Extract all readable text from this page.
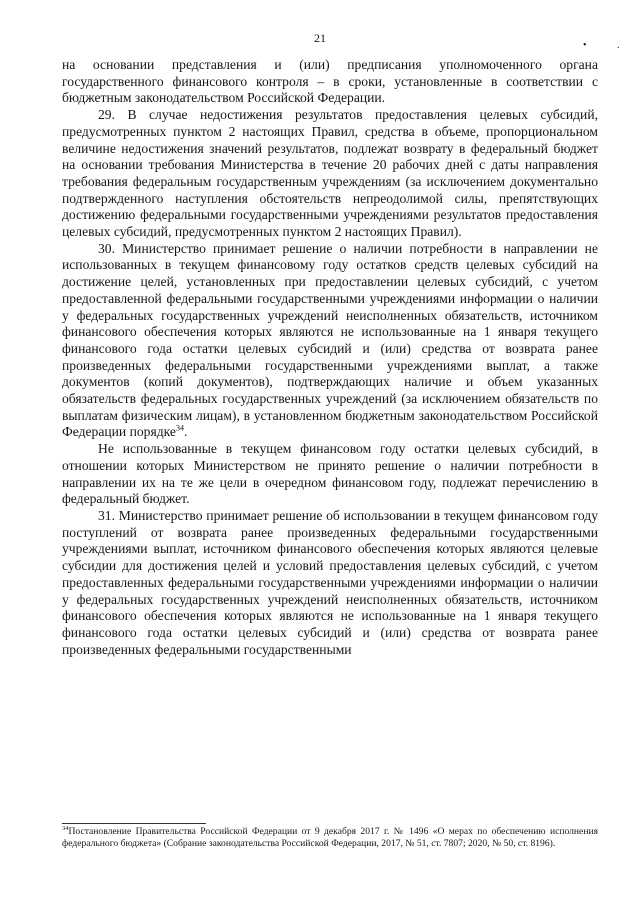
21
• .

на основании представления и (или) предписания уполномоченного органа государственного финансового контроля – в сроки, установленные в соответствии с бюджетным законодательством Российской Федерации.

29. В случае недостижения результатов предоставления целевых субсидий, предусмотренных пунктом 2 настоящих Правил, средства в объеме, пропорциональном величине недостижения значений результатов, подлежат возврату в федеральный бюджет на основании требования Министерства в течение 20 рабочих дней с даты направления требования федеральным государственным учреждениям (за исключением документально подтвержденного наступления обстоятельств непреодолимой силы, препятствующих достижению федеральными государственными учреждениями результатов предоставления целевых субсидий, предусмотренных пунктом 2 настоящих Правил).

30. Министерство принимает решение о наличии потребности в направлении не использованных в текущем финансовому году остатков средств целевых субсидий на достижение целей, установленных при предоставлении целевых субсидий, с учетом предоставленной федеральными государственными учреждениями информации о наличии у федеральных государственных учреждений неисполненных обязательств, источником финансового обеспечения которых являются не использованные на 1 января текущего финансового года остатки целевых субсидий и (или) средства от возврата ранее произведенных федеральными государственными учреждениями выплат, а также документов (копий документов), подтверждающих наличие и объем указанных обязательств федеральных государственных учреждений (за исключением обязательств по выплатам физическим лицам), в установленном бюджетным законодательством Российской Федерации порядке$^{34}$.

Не использованные в текущем финансовом году остатки целевых субсидий, в отношении которых Министерством не принято решение о наличии потребности в направлении их на те же цели в очередном финансовом году, подлежат перечислению в федеральный бюджет.

31. Министерство принимает решение об использовании в текущем финансовом году поступлений от возврата ранее произведенных федеральными государственными учреждениями выплат, источником финансового обеспечения которых являются целевые субсидии для достижения целей и условий предоставления целевых субсидий, с учетом предоставленных федеральными государственными учреждениями информации о наличии у федеральных государственных учреждений неисполненных обязательств, источником финансового обеспечения которых являются не использованные на 1 января текущего финансового года остатки целевых субсидий и (или) средства от возврата ранее произведенных федеральными государственными

$^{34}$Постановление Правительства Российской Федерации от 9 декабря 2017 г. № 1496 «О мерах по обеспечению исполнения федерального бюджета» (Собрание законодательства Российской Федерации, 2017, № 51, ст. 7807; 2020, № 50, ст. 8196).
